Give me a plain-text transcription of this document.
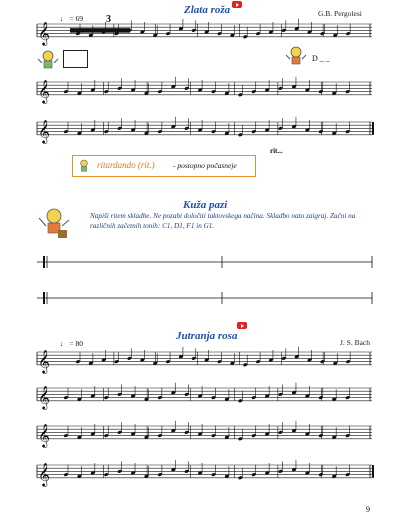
Zlata roža	G.B. Pergolesi
♩ = 69 3
𝄞
𝄞
𝄞
𝄞
𝄞
𝄞
𝄞
D _ _
rit...
ritardando (rit.) - postopno počasneje
Kuža pazi
Napiši ritem skladbe. Ne pozabi določiti taktovskega načina. Skladbo nato zaigraj. Začni na različnih začetnih tonih: C1, D1, F1 in G1.
Jutranja rosa
J. S. Bach
♩ = 80
9
